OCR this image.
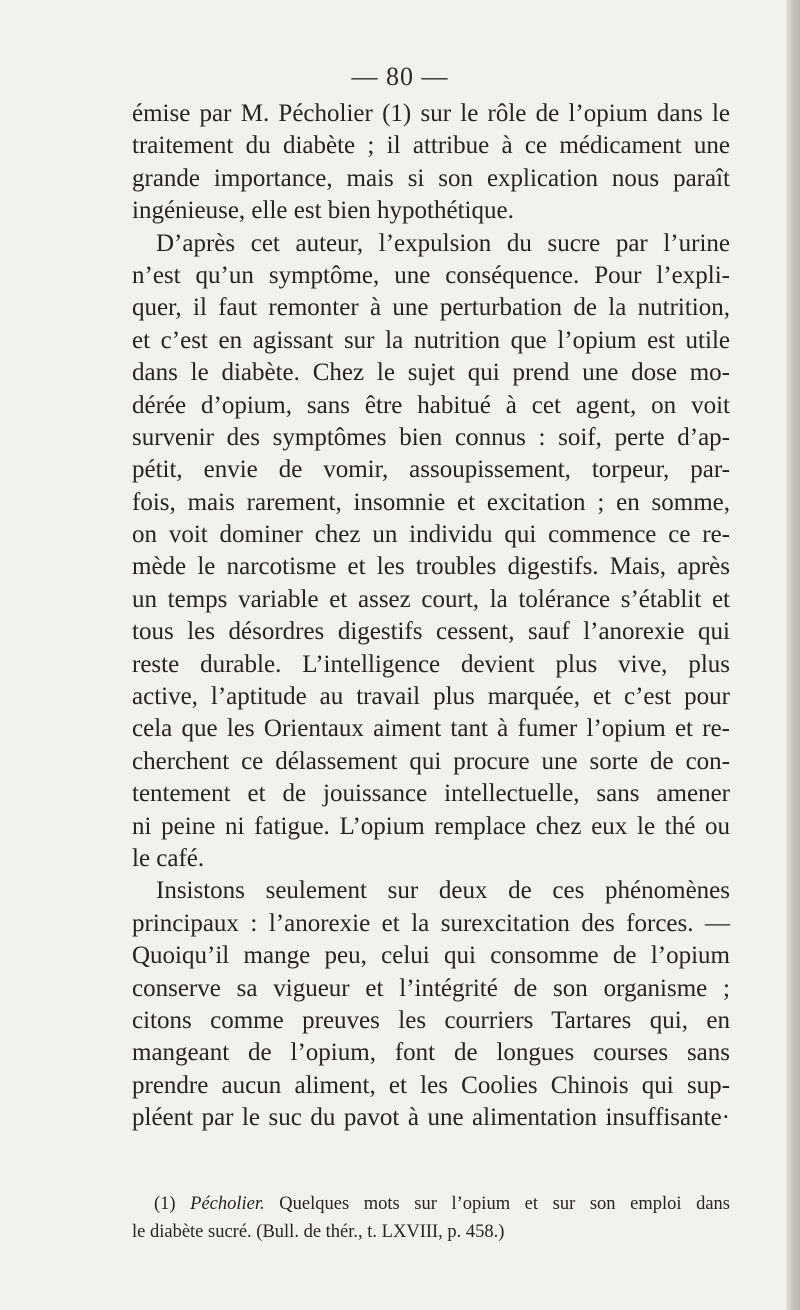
— 80 —
émise par M. Pécholier (1) sur le rôle de l’opium dans le
traitement du diabète ; il attribue à ce médicament une
grande importance, mais si son explication nous paraît
ingénieuse, elle est bien hypothétique.
D’après cet auteur, l’expulsion du sucre par l’urine
n’est qu’un symptôme, une conséquence. Pour l’expli-
quer, il faut remonter à une perturbation de la nutrition,
et c’est en agissant sur la nutrition que l’opium est utile
dans le diabète. Chez le sujet qui prend une dose mo-
dérée d’opium, sans être habitué à cet agent, on voit
survenir des symptômes bien connus : soif, perte d’ap-
pétit, envie de vomir, assoupissement, torpeur, par-
fois, mais rarement, insomnie et excitation ; en somme,
on voit dominer chez un individu qui commence ce re-
mède le narcotisme et les troubles digestifs. Mais, après
un temps variable et assez court, la tolérance s’établit et
tous les désordres digestifs cessent, sauf l’anorexie qui
reste durable. L’intelligence devient plus vive, plus
active, l’aptitude au travail plus marquée, et c’est pour
cela que les Orientaux aiment tant à fumer l’opium et re-
cherchent ce délassement qui procure une sorte de con-
tentement et de jouissance intellectuelle, sans amener
ni peine ni fatigue. L’opium remplace chez eux le thé ou
le café.
Insistons seulement sur deux de ces phénomènes
principaux : l’anorexie et la surexcitation des forces. —
Quoiqu’il mange peu, celui qui consomme de l’opium
conserve sa vigueur et l’intégrité de son organisme ;
citons comme preuves les courriers Tartares qui, en
mangeant de l’opium, font de longues courses sans
prendre aucun aliment, et les Coolies Chinois qui sup-
pléent par le suc du pavot à une alimentation insuffisante·
(1) Pécholier. Quelques mots sur l’opium et sur son emploi dans
le diabète sucré. (Bull. de thér., t. LXVIII, p. 458.)
